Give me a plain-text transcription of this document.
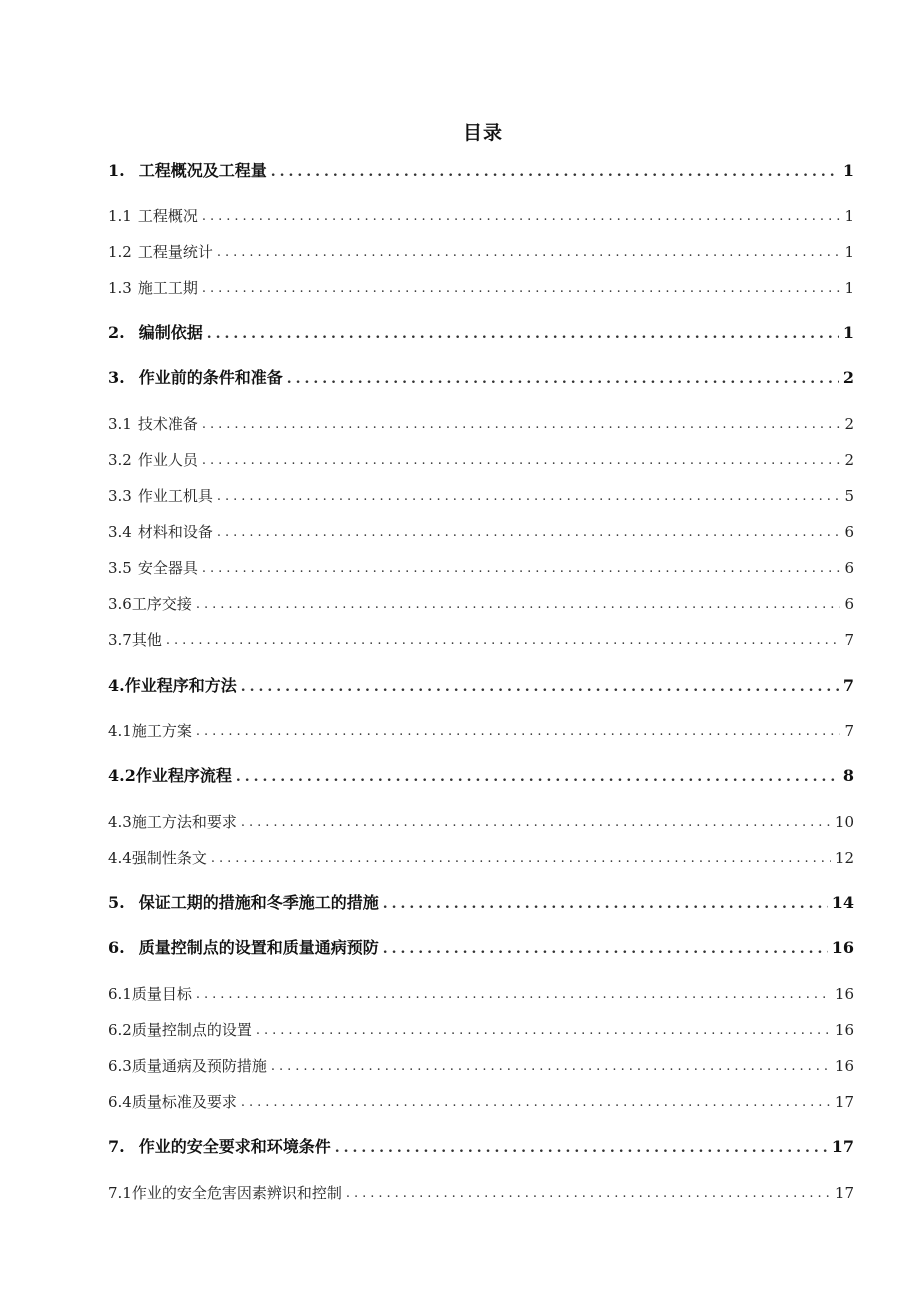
目录
1. 工程概况及工程量 .....	1
1.1 工程概况 .....	1
1.2 工程量统计 .....	1
1.3 施工工期 .....	1
2. 编制依据 .....	1
3. 作业前的条件和准备 .....	2
3.1 技术准备 .....	2
3.2 作业人员 .....	2
3.3 作业工机具 .....	5
3.4 材料和设备 .....	6
3.5 安全器具 .....	6
3.6 工序交接 .....	6
3.7 其他 .....	7
4. 作业程序和方法 .....	7
4.1 施工方案 .....	7
4.2 作业程序流程 .....	8
4.3 施工方法和要求 .....	10
4.4 强制性条文 .....	12
5. 保证工期的措施和冬季施工的措施 .....	14
6. 质量控制点的设置和质量通病预防 .....	16
6.1 质量目标 .....	16
6.2 质量控制点的设置 .....	16
6.3 质量通病及预防措施 .....	16
6.4 质量标准及要求 .....	17
7. 作业的安全要求和环境条件 .....	17
7.1 作业的安全危害因素辨识和控制 .....	17
